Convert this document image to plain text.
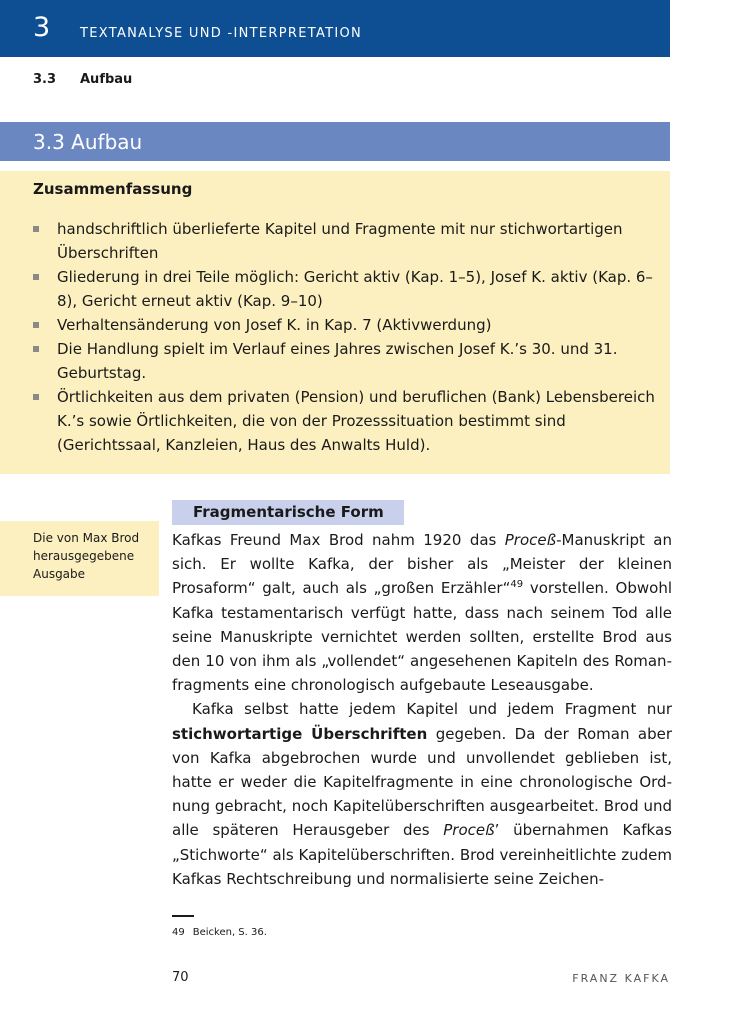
3 TEXTANALYSE UND -INTERPRETATION
3.3 Aufbau
3.3 Aufbau
Zusammenfassung
handschriftlich überlieferte Kapitel und Fragmente mit nur stichwortartigen Überschriften
Gliederung in drei Teile möglich: Gericht aktiv (Kap. 1–5), Josef K. aktiv (Kap. 6–8), Gericht erneut aktiv (Kap. 9–10)
Verhaltensänderung von Josef K. in Kap. 7 (Aktivwerdung)
Die Handlung spielt im Verlauf eines Jahres zwischen Josef K.’s 30. und 31. Geburtstag.
Örtlichkeiten aus dem privaten (Pension) und beruflichen (Bank) Lebensbereich K.’s sowie Örtlichkeiten, die von der Prozesssituation bestimmt sind (Gerichtssaal, Kanzleien, Haus des Anwalts Huld).
Die von Max Brod herausgegebene Ausgabe
Fragmentarische Form

Kafkas Freund Max Brod nahm 1920 das Proceß-Manuskript an sich. Er wollte Kafka, der bisher als „Meister der kleinen Prosaform“ galt, auch als „großen Erzähler“$^{49}$ vorstellen. Obwohl Kafka testamentarisch verfügt hatte, dass nach seinem Tod alle seine Manuskripte vernichtet werden sollten, erstellte Brod aus den 10 von ihm als „vollendet“ angesehenen Kapiteln des Romanfragments eine chronologisch aufgebaute Leseausgabe.

Kafka selbst hatte jedem Kapitel und jedem Fragment nur stichwortartige Überschriften gegeben. Da der Roman aber von Kafka abgebrochen wurde und unvollendet geblieben ist, hatte er weder die Kapitelfragmente in eine chronologische Ordnung gebracht, noch Kapitelüberschriften ausgearbeitet. Brod und alle späteren Herausgeber des Proceß’ übernahmen Kafkas „Stichworte“ als Kapitelüberschriften. Brod vereinheitlichte zudem Kafkas Rechtschreibung und normalisierte seine Zeichen-

49 Beicken, S. 36.
70	FRANZ KAFKA
